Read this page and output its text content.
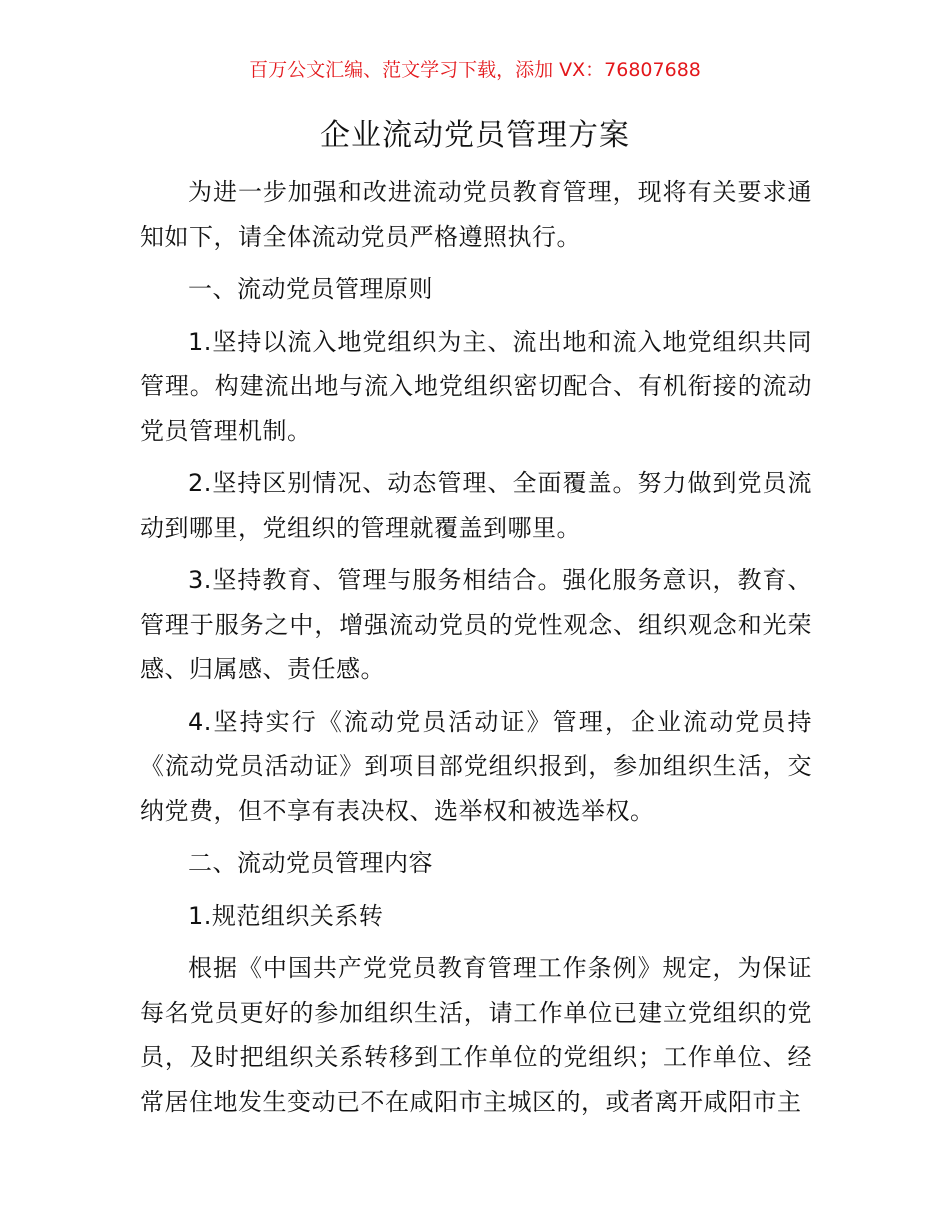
百万公文汇编、范文学习下载，添加 VX：76807688
企业流动党员管理方案

为进一步加强和改进流动党员教育管理，现将有关要求通知如下，请全体流动党员严格遵照执行。

一、流动党员管理原则

1.坚持以流入地党组织为主、流出地和流入地党组织共同管理。构建流出地与流入地党组织密切配合、有机衔接的流动党员管理机制。

2.坚持区别情况、动态管理、全面覆盖。努力做到党员流动到哪里，党组织的管理就覆盖到哪里。

3.坚持教育、管理与服务相结合。强化服务意识，教育、管理于服务之中，增强流动党员的党性观念、组织观念和光荣感、归属感、责任感。

4.坚持实行《流动党员活动证》管理，企业流动党员持《流动党员活动证》到项目部党组织报到，参加组织生活，交纳党费，但不享有表决权、选举权和被选举权。

二、流动党员管理内容

1.规范组织关系转

根据《中国共产党党员教育管理工作条例》规定，为保证每名党员更好的参加组织生活，请工作单位已建立党组织的党员，及时把组织关系转移到工作单位的党组织；工作单位、经常居住地发生变动已不在咸阳市主城区的，或者离开咸阳市主
